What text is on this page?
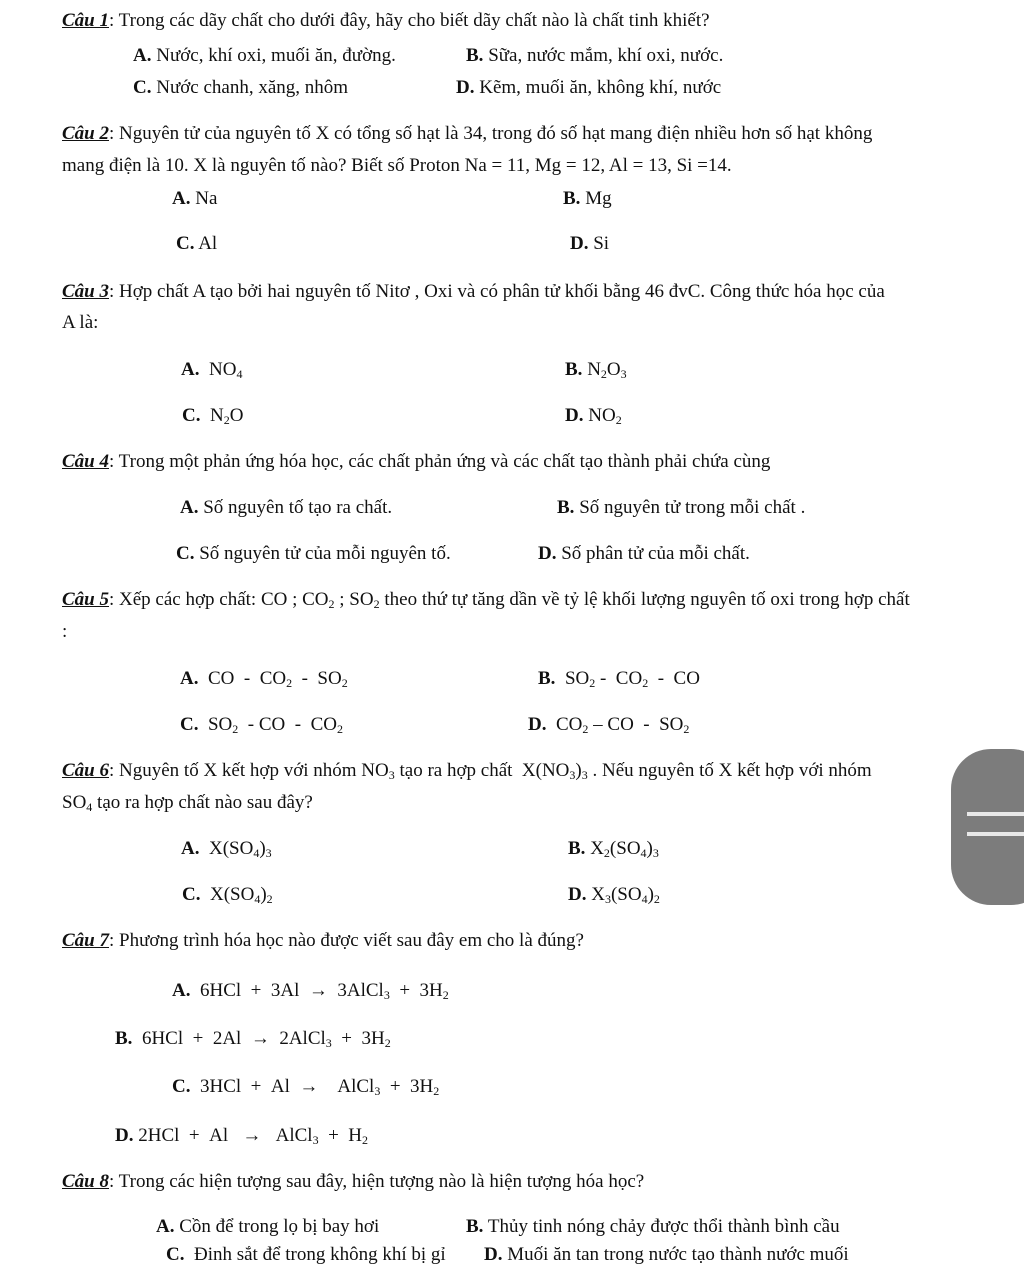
Câu 1: Trong các dãy chất cho dưới đây, hãy cho biết dãy chất nào là chất tinh khiết?
A. Nước, khí oxi, muối ăn, đường.	B. Sữa, nước mắm, khí oxi, nước.
C. Nước chanh, xăng, nhôm	D. Kẽm, muối ăn, không khí, nước
Câu 2: Nguyên tử của nguyên tố X có tổng số hạt là 34, trong đó số hạt mang điện nhiều hơn số hạt không
mang điện là 10. X là nguyên tố nào? Biết số Proton Na = 11, Mg = 12, Al = 13, Si =14.
A. Na	B. Mg
C. Al	D. Si
Câu 3: Hợp chất A tạo bởi hai nguyên tố Nitơ , Oxi và có phân tử khối bằng 46 đvC. Công thức hóa học của
A là:
A.  $NO_4$	B. $N_2O_3$
C.  $N_2O$	D. $NO_2$
Câu 4: Trong một phản ứng hóa học, các chất phản ứng và các chất tạo thành phải chứa cùng
A. Số nguyên tố tạo ra chất.	B. Số nguyên tử trong mỗi chất .
C. Số nguyên tử của mỗi nguyên tố.	D. Số phân tử của mỗi chất.
Câu 5: Xếp các hợp chất: CO ; $CO_2$ ; $SO_2$ theo thứ tự tăng dần về tỷ lệ khối lượng nguyên tố oxi trong hợp chất
:
A.  CO  -  $CO_2 - SO_2$	B.  $SO_2 - CO_2$  -  CO
C.  $SO_2$  - CO  -  $CO_2$	D.  $CO_2$ – CO  -  $SO_2$
Câu 6: Nguyên tố X kết hợp với nhóm $NO_3$ tạo ra hợp chất  $X(NO_3)_3$ . Nếu nguyên tố X kết hợp với nhóm
$SO_4$ tạo ra hợp chất nào sau đây?
A.  $X(SO_4)_3$	B. $X_2(SO_4)_3$
C.  $X(SO_4)_2$	D. $X_3(SO_4)_2$
Câu 7: Phương trình hóa học nào được viết sau đây em cho là đúng?
A.  6HCl  +  3Al  →  3AlCl$_3$  +  $3H_2$
B.  6HCl  +  2Al  →  2AlCl$_3$  +  $3H_2$
C.  3HCl  +  Al  →    AlCl$_3$  +  $3H_2$
D. 2HCl  +  Al   →   AlCl$_3$  +  $H_2$
Câu 8: Trong các hiện tượng sau đây, hiện tượng nào là hiện tượng hóa học?
A. Cồn để trong lọ bị bay hơi	B. Thủy tinh nóng chảy được thổi thành bình cầu
C. Đinh sắt để trong không khí bị gỉ D. Muối ăn tan trong nước tạo thành nước muối
